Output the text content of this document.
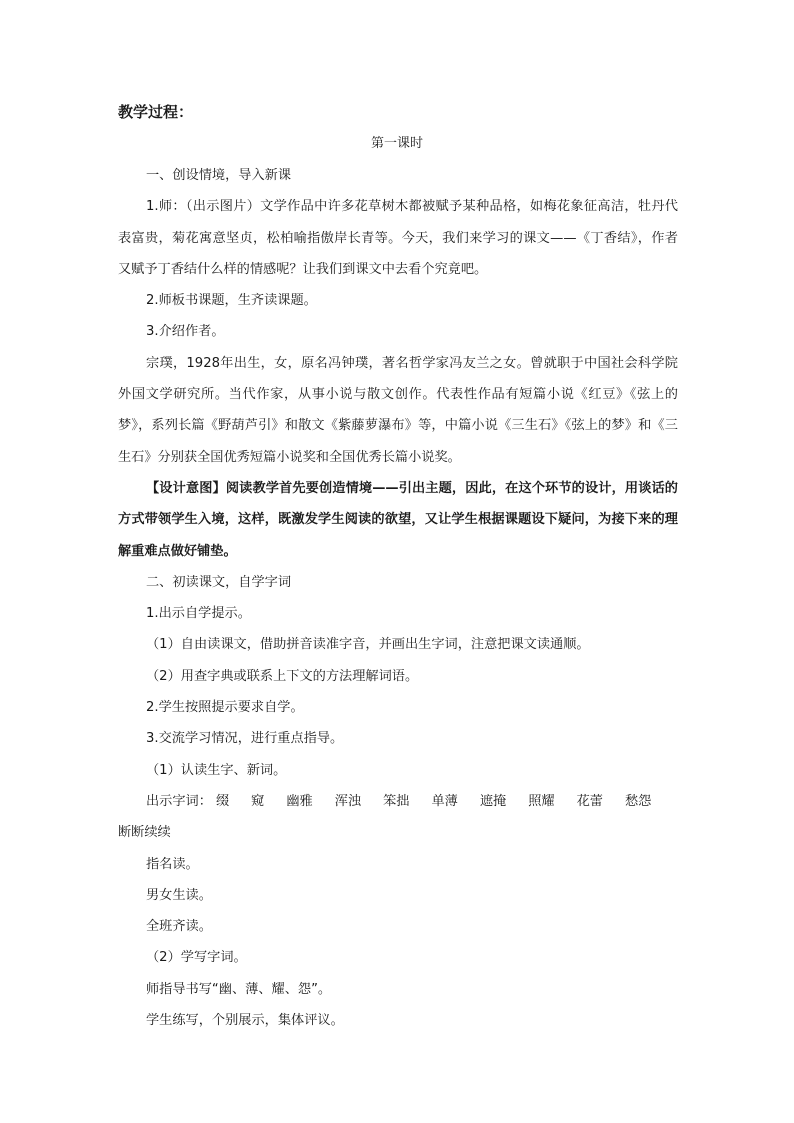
教学过程：
第一课时

一、创设情境，导入新课

1.师：（出示图片）文学作品中许多花草树木都被赋予某种品格，如梅花象征高洁，牡丹代表富贵，菊花寓意坚贞，松柏喻指傲岸长青等。今天，我们来学习的课文——《丁香结》，作者又赋予丁香结什么样的情感呢？让我们到课文中去看个究竟吧。

2.师板书课题，生齐读课题。

3.介绍作者。

宗璞，1928年出生，女，原名冯钟璞，著名哲学家冯友兰之女。曾就职于中国社会科学院外国文学研究所。当代作家，从事小说与散文创作。代表性作品有短篇小说《红豆》《弦上的梦》，系列长篇《野葫芦引》和散文《紫藤萝瀑布》等，中篇小说《三生石》《弦上的梦》和《三生石》分别获全国优秀短篇小说奖和全国优秀长篇小说奖。

【设计意图】阅读教学首先要创造情境——引出主题，因此，在这个环节的设计，用谈话的方式带领学生入境，这样，既激发学生阅读的欲望，又让学生根据课题设下疑问，为接下来的理解重难点做好铺垫。

二、初读课文，自学字词

1.出示自学提示。

（1）自由读课文，借助拼音读准字音，并画出生字词，注意把课文读通顺。

（2）用查字典或联系上下文的方法理解词语。

2.学生按照提示要求自学。

3.交流学习情况，进行重点指导。

（1）认读生字、新词。

出示字词： 缀 窥 幽雅 浑浊 笨拙 单薄 遮掩 照耀 花蕾 愁怨断断续续

指名读。

男女生读。

全班齐读。

（2）学写字词。

师指导书写“幽、薄、耀、怨”。

学生练写，个别展示，集体评议。
